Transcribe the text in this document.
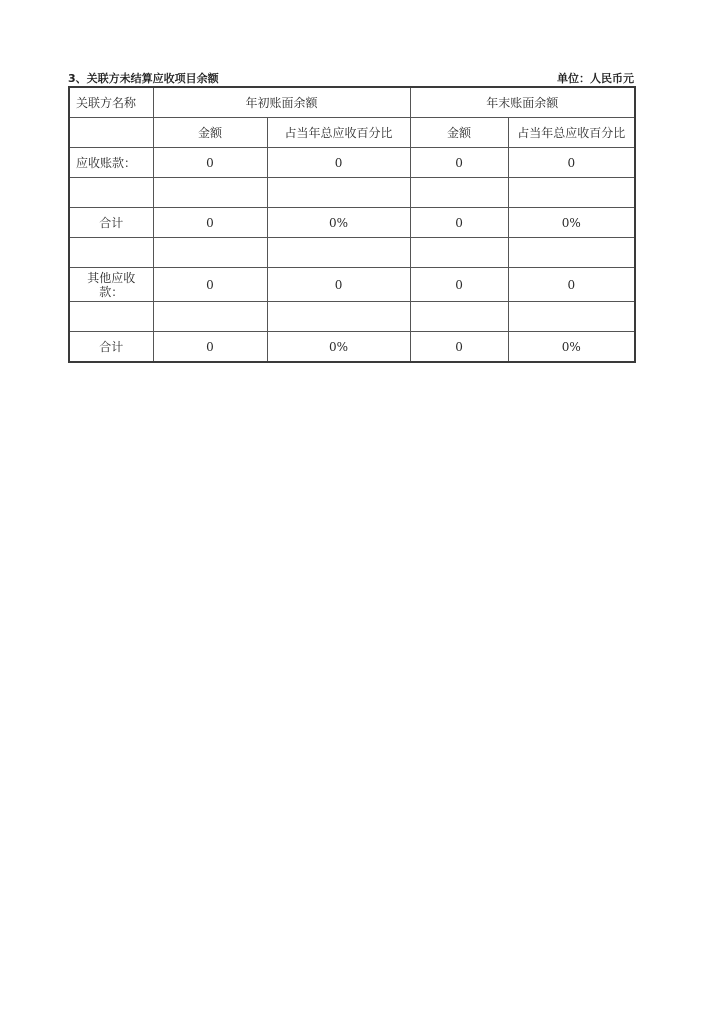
3、关联方未结算应收项目余额	单位：人民币元
关联方名称	年初账面余额		年末账面余额	
	金额	占当年总应收百分比	金额	占当年总应收百分比
应收账款：	0	0	0	0

合计	0	0%	0	0%

其他应收款：	0	0	0	0

合计	0	0%	0	0%
